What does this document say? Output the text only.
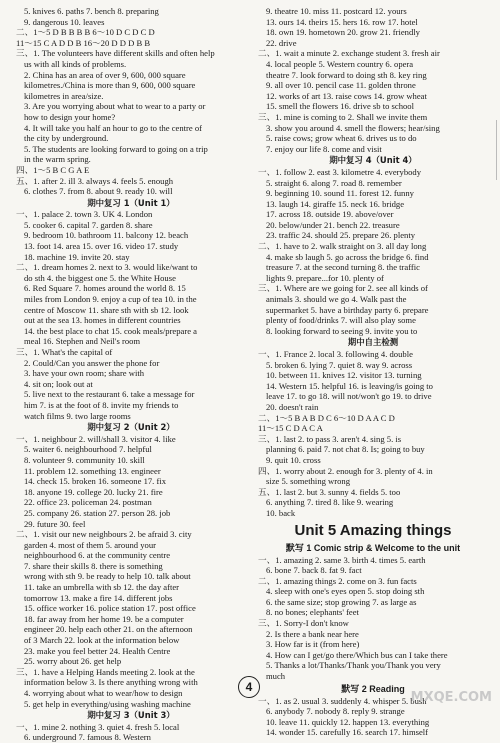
5. knives 6. paths 7. bench 8. preparing
9. dangerous 10. leaves
二、1～5 D B B B B 6～10 D C D C D
11～15 C A D D B 16～20 D D D B B
三、1. The volunteers have different skills and often help
us with all kinds of problems.
2. China has an area of over 9, 600, 000 square
kilometres./China is more than 9, 600, 000 square
kilometres in area/size.
3. Are you worrying about what to wear to a party or
how to design your home?
4. It will take you half an hour to go to the centre of
the city by underground.
5. The students are looking forward to going on a trip
in the warm spring.
四、1～5 B C G A E
五、1. after 2. ill 3. always 4. feels 5. enough
6. clothes 7. from 8. about 9. ready 10. will
期中复习 1（Unit 1）
一、1. palace 2. town 3. UK 4. London
5. cooker 6. capital 7. garden 8. share
9. bedroom 10. bathroom 11. balcony 12. beach
13. foot 14. area 15. over 16. video 17. study
18. machine 19. invite 20. stay
二、1. dream homes 2. next to 3. would like/want to
do sth 4. the biggest one 5. the White House
6. Red Square 7. homes around the world 8. 15
miles from London 9. enjoy a cup of tea 10. in the
centre of Moscow 11. share sth with sb 12. look
out at the sea 13. homes in different countries
14. the best place to chat 15. cook meals/prepare a
meal 16. Stephen and Neil's room
三、1. What's the capital of
2. Could/Can you answer the phone for
3. have your own room; share with
4. sit on; look out at
5. live next to the restaurant 6. take a message for
him 7. is at the foot of 8. invite my friends to
watch films 9. two large rooms
期中复习 2（Unit 2）
一、1. neighbour 2. will/shall 3. visitor 4. like
5. waiter 6. neighbourhood 7. helpful
8. volunteer 9. community 10. skill
11. problem 12. something 13. engineer
14. check 15. broken 16. someone 17. fix
18. anyone 19. college 20. lucky 21. fire
22. office 23. policeman 24. postman
25. company 26. station 27. person 28. job
29. future 30. feel
二、1. visit our new neighbours 2. be afraid 3. city
garden 4. most of them 5. around your
neighbourhood 6. at the community centre
7. share their skills 8. there is something
wrong with sth 9. be ready to help 10. talk about
11. take an umbrella with sb 12. the day after
tomorrow 13. make a fire 14. different jobs
15. office worker 16. police station 17. post office
18. far away from her home 19. be a computer
engineer 20. help each other 21. on the afternoon
of 3 March 22. look at the information below
23. make you feel better 24. Health Centre
25. worry about 26. get help
三、1. have a Helping Hands meeting 2. look at the
information below 3. Is there anything wrong with
4. worrying about what to wear/how to design
5. get help in everything/using washing machine
期中复习 3（Unit 3）
一、1. mine 2. nothing 3. quiet 4. fresh 5. local
6. underground 7. famous 8. Western
9. theatre 10. miss 11. postcard 12. yours
13. ours 14. theirs 15. hers 16. row 17. hotel
18. own 19. hometown 20. grow 21. friendly
22. drive
二、1. wait a minute 2. exchange student 3. fresh air
4. local people 5. Western country 6. opera
theatre 7. look forward to doing sth 8. key ring
9. all over 10. pencil case 11. golden throne
12. works of art 13. raise cows 14. grow wheat
15. smell the flowers 16. drive sb to school
三、1. mine is coming to 2. Shall we invite them
3. show you around 4. smell the flowers; hear/sing
5. raise cows; grow wheat 6. drives us to do
7. enjoy our life 8. come and visit
期中复习 4（Unit 4）
一、1. follow 2. east 3. kilometre 4. everybody
5. straight 6. along 7. road 8. remember
9. beginning 10. sound 11. forest 12. funny
13. laugh 14. giraffe 15. neck 16. bridge
17. across 18. outside 19. above/over
20. below/under 21. bench 22. treasure
23. traffic 24. should 25. prepare 26. plenty
二、1. have to 2. walk straight on 3. all day long
4. make sb laugh 5. go across the bridge 6. find
treasure 7. at the second turning 8. the traffic
lights 9. prepare...for 10. plenty of
三、1. Where are we going for 2. see all kinds of
animals 3. should we go 4. Walk past the
supermarket 5. have a birthday party 6. prepare
plenty of food/drinks 7. will also play some
8. looking forward to seeing 9. invite you to
期中自主检测
一、1. France 2. local 3. following 4. double
5. broken 6. lying 7. quiet 8. way 9. across
10. between 11. knives 12. visitor 13. turning
14. Western 15. helpful 16. is leaving/is going to
leave 17. to go 18. will not/won't go 19. to drive
20. doesn't rain
二、1～5 B A B D C 6～10 D A A C D
11～15 C D A C A
三、1. last 2. to pass 3. aren't 4. sing 5. is
planning 6. paid 7. not chat 8. Is; going to buy
9. quit 10. cross
四、1. worry about 2. enough for 3. plenty of 4. in
size 5. something wrong
五、1. last 2. but 3. sunny 4. fields 5. too
6. anything 7. tired 8. like 9. wearing
10. back
Unit 5 Amazing things
默写 1 Comic strip & Welcome to the unit
一、1. amazing 2. same 3. birth 4. times 5. earth
6. bone 7. back 8. fat 9. fact
二、1. amazing things 2. come on 3. fun facts
4. sleep with one's eyes open 5. stop doing sth
6. the same size; stop growing 7. as large as
8. no bones; elephants' feet
三、1. Sorry-I don't know
2. Is there a bank near here
3. How far is it (from here)
4. How can I get/go there/Which bus can I take there
5. Thanks a lot/Thanks/Thank you/Thank you very
much
默写 2 Reading
一、1. as 2. usual 3. suddenly 4. whisper 5. bush
6. anybody 7. nobody 8. reply 9. strange
10. leave 11. quickly 12. happen 13. everything
14. wonder 15. carefully 16. search 17. himself
4
MXQE.COM
